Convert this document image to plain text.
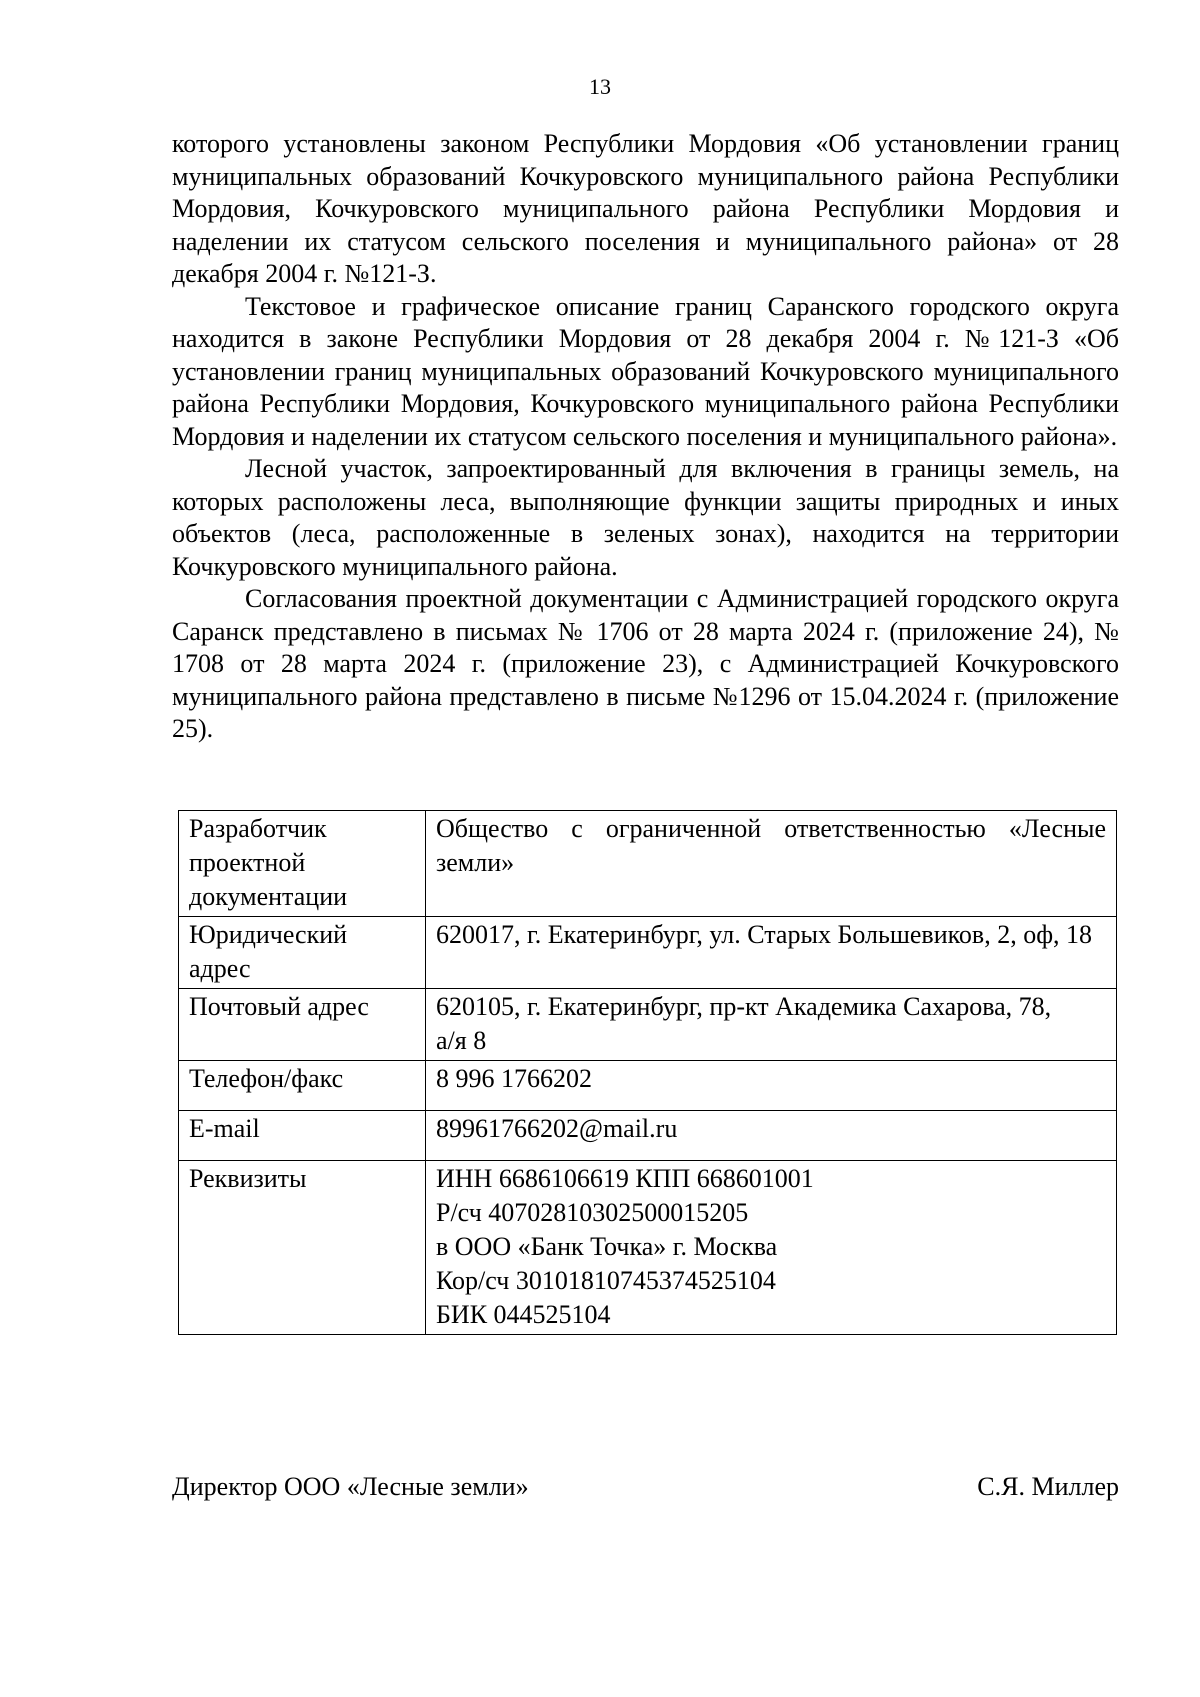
13

которого установлены законом Республики Мордовия «Об установлении границ муниципальных образований Кочкуровского муниципального района Республики Мордовия, Кочкуровского муниципального района Республики Мордовия и наделении их статусом сельского поселения и муниципального района» от 28 декабря 2004 г. №121-З.

Текстовое и графическое описание границ Саранского городского округа находится в законе Республики Мордовия от 28 декабря 2004 г. №121-З «Об установлении границ муниципальных образований Кочкуровского муниципального района Республики Мордовия, Кочкуровского муниципального района Республики Мордовия и наделении их статусом сельского поселения и муниципального района».

Лесной участок, запроектированный для включения в границы земель, на которых расположены леса, выполняющие функции защиты природных и иных объектов (леса, расположенные в зеленых зонах), находится на территории Кочкуровского муниципального района.

Согласования проектной документации с Администрацией городского округа Саранск представлено в письмах № 1706 от 28 марта 2024 г. (приложение 24), № 1708 от 28 марта 2024 г. (приложение 23), с Администрацией Кочкуровского муниципального района представлено в письме №1296 от 15.04.2024 г. (приложение 25).

Разработчик проектной документации	Общество с ограниченной ответственностью «Лесные земли»
Юридический адрес	620017, г. Екатеринбург, ул. Старых Большевиков, 2, оф, 18
Почтовый адрес	620105, г. Екатеринбург, пр-кт Академика Сахарова, 78,
а/я 8
Телефон/факс	8 996 1766202
E-mail	89961766202@mail.ru
Реквизиты	ИНН 6686106619 КПП 668601001
Р/сч 40702810302500015205
в ООО «Банк Точка» г. Москва
Кор/сч 30101810745374525104
БИК 044525104
Директор ООО «Лесные земли»	С.Я. Миллер
